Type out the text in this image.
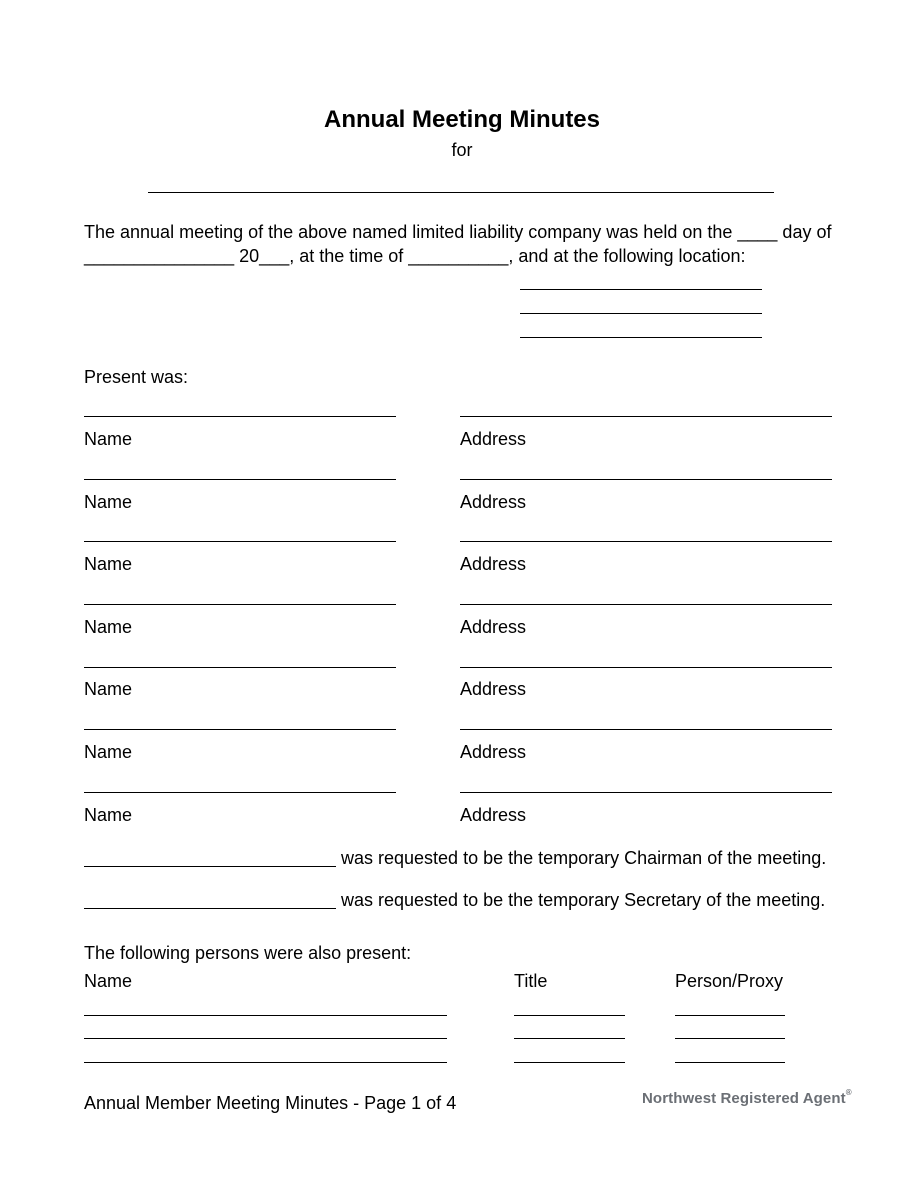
Annual Meeting Minutes
for
The annual meeting of the above named limited liability company was held on the ____ day of
_______________ 20___, at the time of __________, and at the following location:
Present was:
Name	Address
Name	Address
Name	Address
Name	Address
Name	Address
Name	Address
Name	Address
was requested to be the temporary Chairman of the meeting.
was requested to be the temporary Secretary of the meeting.
The following persons were also present:
Name	Title	Person/Proxy
Annual Member Meeting Minutes - Page 1 of 4	Northwest Registered Agent®
